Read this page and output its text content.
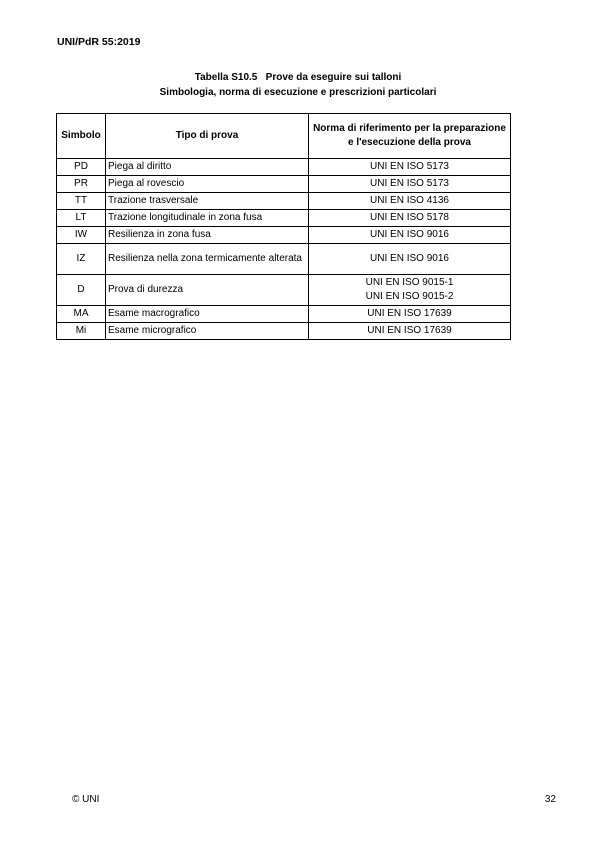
UNI/PdR 55:2019
Tabella S10.5   Prove da eseguire sui talloni
Simbologia, norma di esecuzione e prescrizioni particolari
Simbolo	Tipo di prova	Norma di riferimento per la preparazione e l'esecuzione della prova
PD	Piega al diritto	UNI EN ISO 5173
PR	Piega al rovescio	UNI EN ISO 5173
TT	Trazione trasversale	UNI EN ISO 4136
LT	Trazione longitudinale in zona fusa	UNI EN ISO 5178
IW	Resilienza in zona fusa	UNI EN ISO 9016
IZ	Resilienza nella zona termicamente alterata	UNI EN ISO 9016
D	Prova di durezza	UNI EN ISO 9015-1
UNI EN ISO 9015-2

MA	Esame macrografico	UNI EN ISO 17639
Mi	Esame micrografico	UNI EN ISO 17639
© UNI	32
